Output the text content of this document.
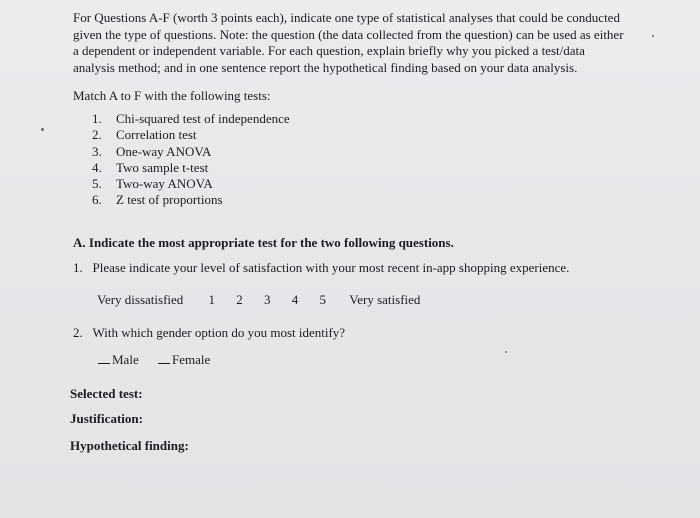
For Questions A-F (worth 3 points each), indicate one type of statistical analyses that could be conducted
given the type of questions. Note: the question (the data collected from the question) can be used as either
a dependent or independent variable. For each question, explain briefly why you picked a test/data
analysis method; and in one sentence report the hypothetical finding based on your data analysis.
Match A to F with the following tests:
1.	Chi-squared test of independence
2.	Correlation test
3.	One-way ANOVA
4.	Two sample t-test
5.	Two-way ANOVA
6.	Z test of proportions
A. Indicate the most appropriate test for the two following questions.
1. Please indicate your level of satisfaction with your most recent in-app shopping experience.
Very dissatisfied 1 2 3 4 5 Very satisfied
2. With which gender option do you most identify?
Male	Female
Selected test:
Justification:
Hypothetical finding:
